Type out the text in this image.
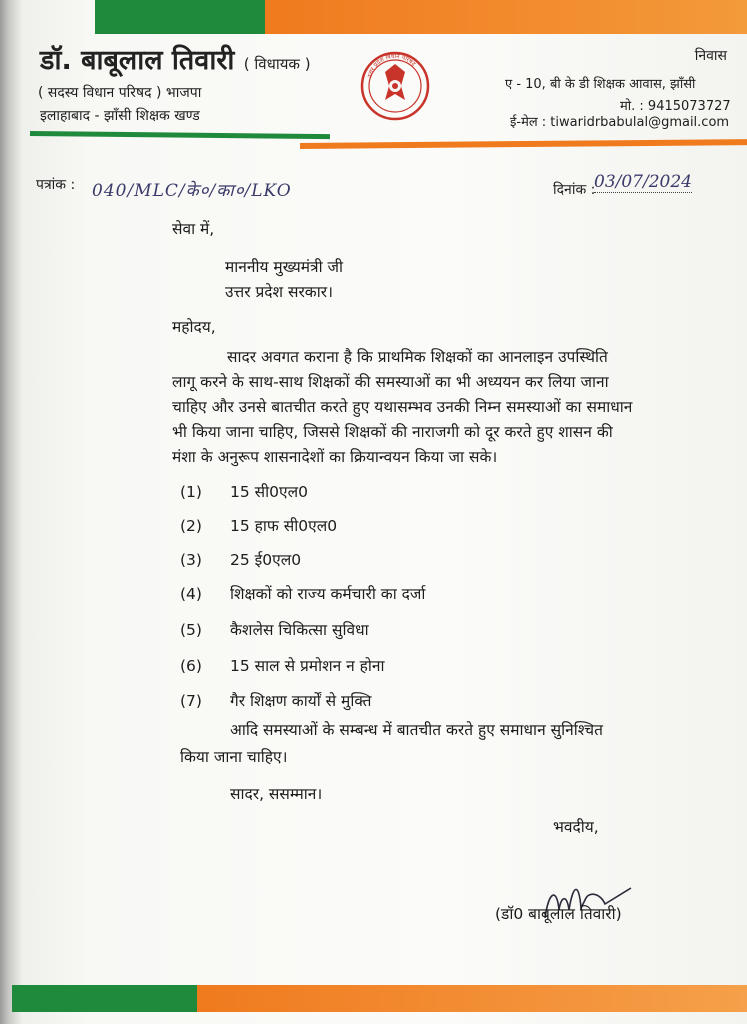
डॉ. बाबूलाल तिवारी ( विधायक )
( सदस्य विधान परिषद ) भाजपा
इलाहाबाद - झाँसी शिक्षक खण्ड
उत्तर प्रदेश विधान परिषद
निवास
ए - 10, बी के डी शिक्षक आवास, झाँसी
मो. : 9415073727
ई-मेल : tiwaridrbabulal@gmail.com
पत्रांक : 040/MLC/के०/का०/LKO	दिनांक :
03/07/2024
सेवा में,
माननीय मुख्यमंत्री जी
उत्तर प्रदेश सरकार।
महोदय,
सादर अवगत कराना है कि प्राथमिक शिक्षकों का आनलाइन उपस्थिति
लागू करने के साथ-साथ शिक्षकों की समस्याओं का भी अध्ययन कर लिया जाना
चाहिए और उनसे बातचीत करते हुए यथासम्भव उनकी निम्न समस्याओं का समाधान
भी किया जाना चाहिए, जिससे शिक्षकों की नाराजगी को दूर करते हुए शासन की
मंशा के अनुरूप शासनादेशों का क्रियान्वयन किया जा सके।
(1) 15 सी0एल0
(2) 15 हाफ सी0एल0
(3) 25 ई0एल0
(4) शिक्षकों को राज्य कर्मचारी का दर्जा
(5) कैशलेस चिकित्सा सुविधा
(6) 15 साल से प्रमोशन न होना
(7) गैर शिक्षण कार्यों से मुक्ति
आदि समस्याओं के सम्बन्ध में बातचीत करते हुए समाधान सुनिश्चित
किया जाना चाहिए।
सादर, ससम्मान।
भवदीय,
(डॉ0 बाबूलाल तिवारी)
